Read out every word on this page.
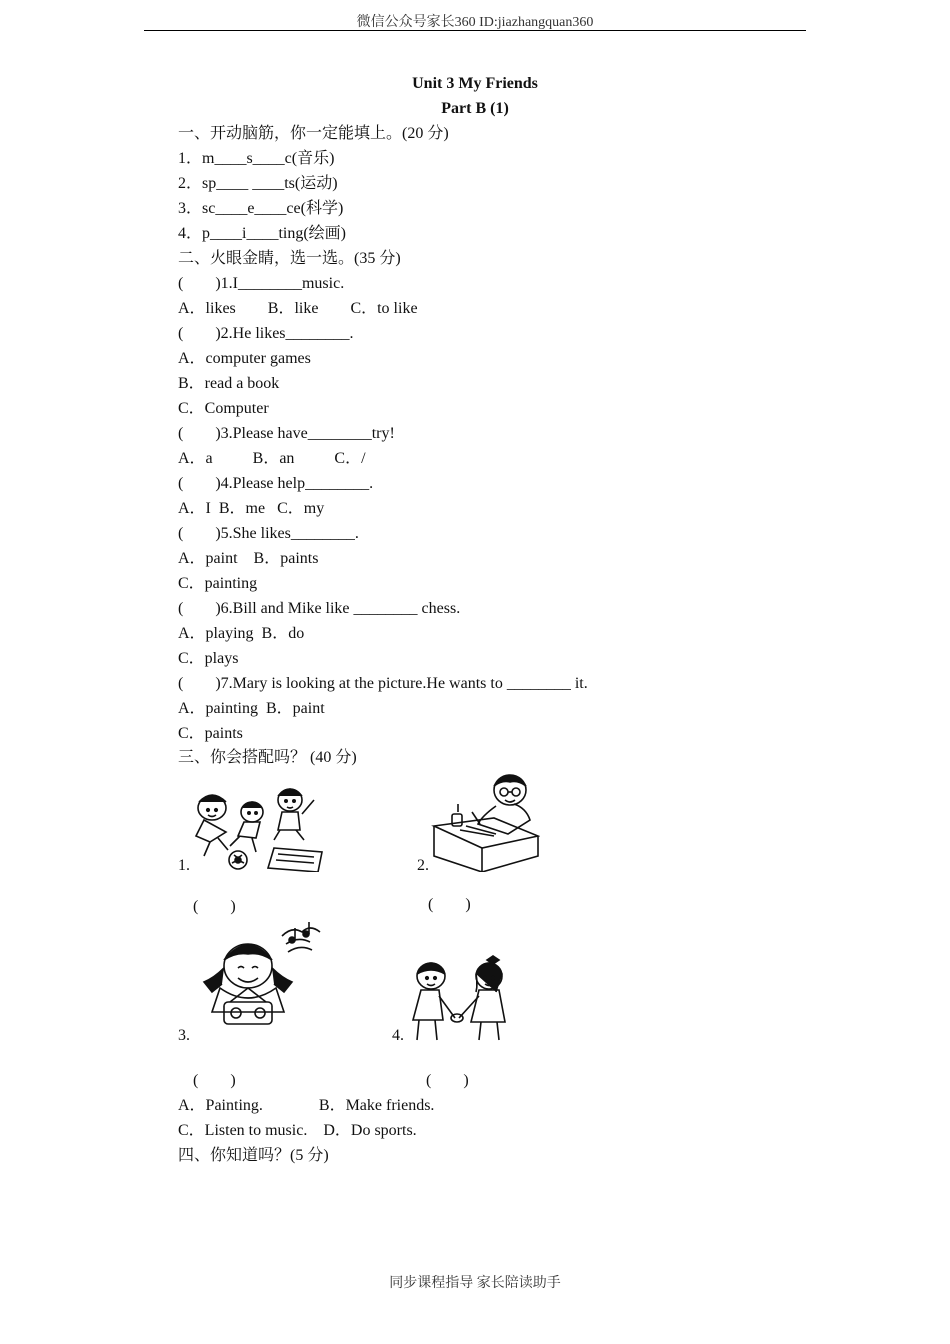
微信公众号家长360 ID:jiazhangquan360
Unit 3 My Friends
Part B (1)
一、开动脑筋，你一定能填上。(20 分)
1．m____s____c(音乐)
2．sp____ ____ts(运动)
3．sc____e____ce(科学)
4．p____i____ting(绘画)
二、火眼金睛，选一选。(35 分)
(        )1.I________music.
A．likes        B．like        C．to like
(        )2.He likes________.
A．computer games
B．read a book
C．Computer
(        )3.Please have________try!
A．a          B．an          C．/
(        )4.Please help________.
A．I  B．me   C．my
(        )5.She likes________.
A．paint    B．paints
C．painting
(        )6.Bill and Mike like ________ chess.
A．playing  B．do
C．plays
(        )7.Mary is looking at the picture.He wants to ________ it.
A．painting  B．paint
C．paints
三、你会搭配吗？ (40 分)
1.
(        )
2.
(        )
3.
(        )
4.
(        )
A．Painting.              B．Make friends.
C．Listen to music.    D．Do sports.
四、你知道吗？(5 分)
同步课程指导 家长陪读助手
